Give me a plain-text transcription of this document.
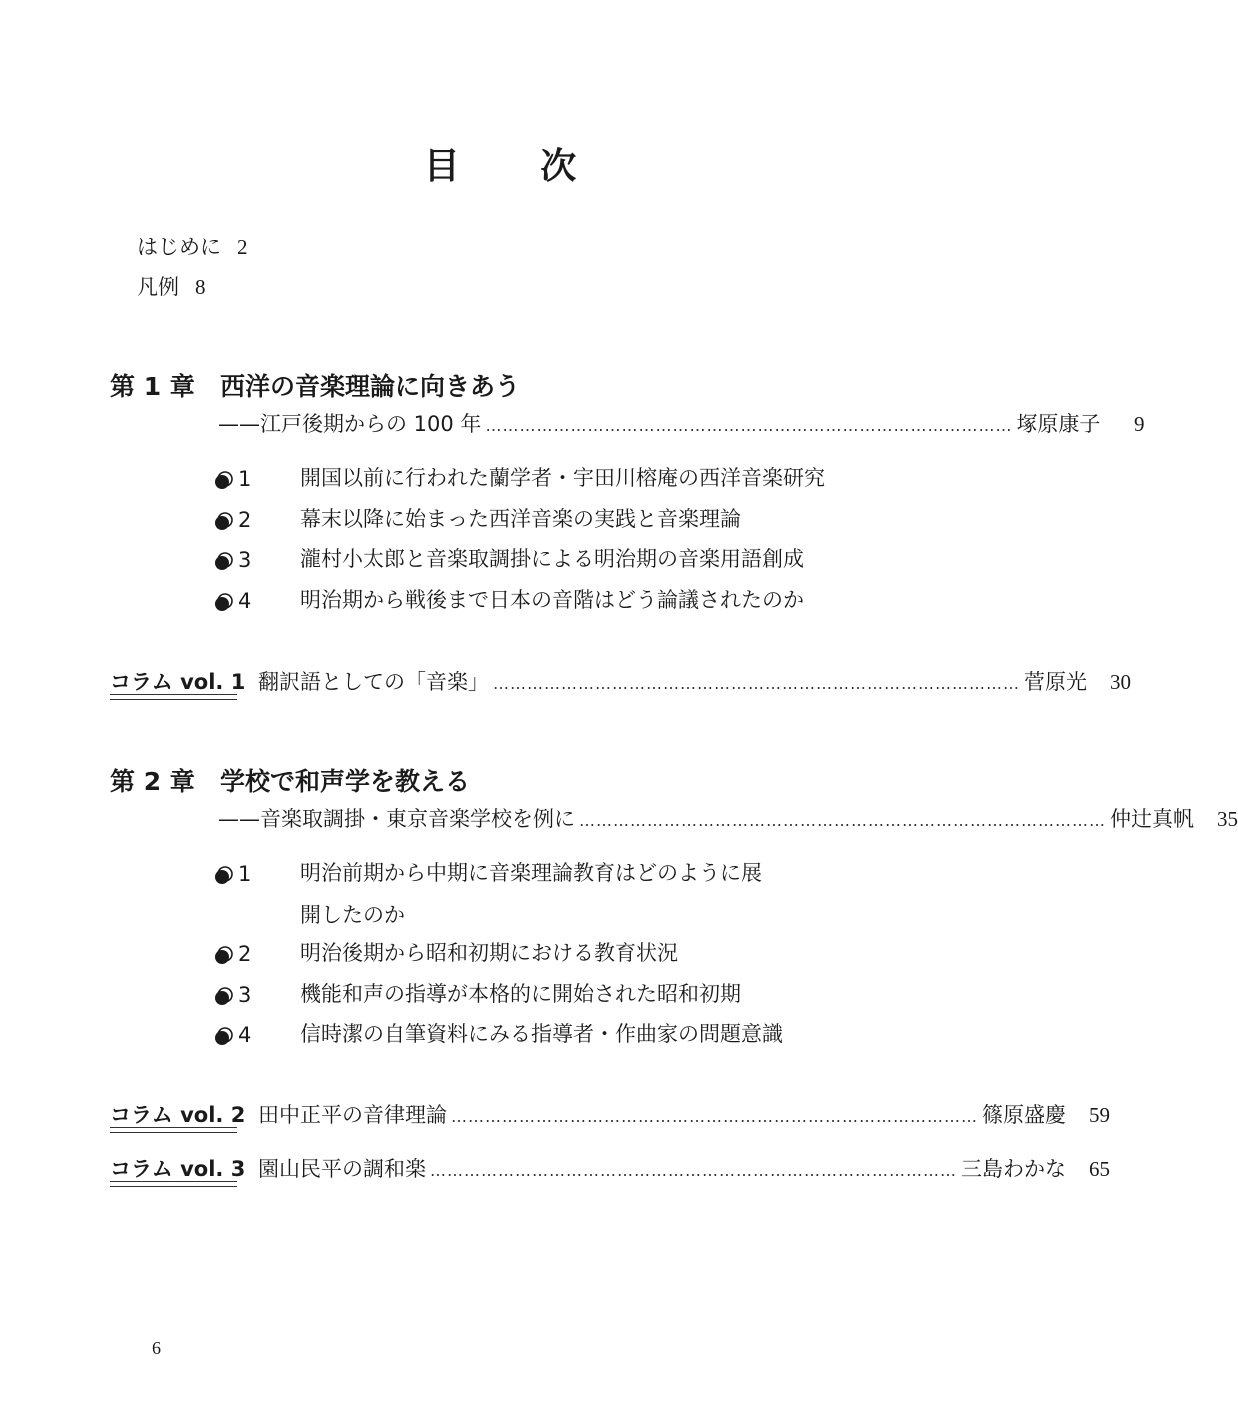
目 次
はじめに 2
凡例 8
第 1 章 西洋の音楽理論に向きあう
——江戸後期からの 100 年 ………………………………………………………………………………… 塚原康子	9
1	開国以前に行われた蘭学者・宇田川榕庵の西洋音楽研究
2	幕末以降に始まった西洋音楽の実践と音楽理論
3	瀧村小太郎と音楽取調掛による明治期の音楽用語創成
4	明治期から戦後まで日本の音階はどう論議されたのか
コラム vol. 1 翻訳語としての「音楽」 ………………………………………………………………………………… 菅原光	30
第 2 章 学校で和声学を教える
——音楽取調掛・東京音楽学校を例に ………………………………………………………………………………… 仲辻真帆	35
1	明治前期から中期に音楽理論教育はどのように展開したのか
2	明治後期から昭和初期における教育状況
3	機能和声の指導が本格的に開始された昭和初期
4	信時潔の自筆資料にみる指導者・作曲家の問題意識
コラム vol. 2 田中正平の音律理論 ………………………………………………………………………………… 篠原盛慶	59
コラム vol. 3 園山民平の調和楽 ………………………………………………………………………………… 三島わかな	65
6
